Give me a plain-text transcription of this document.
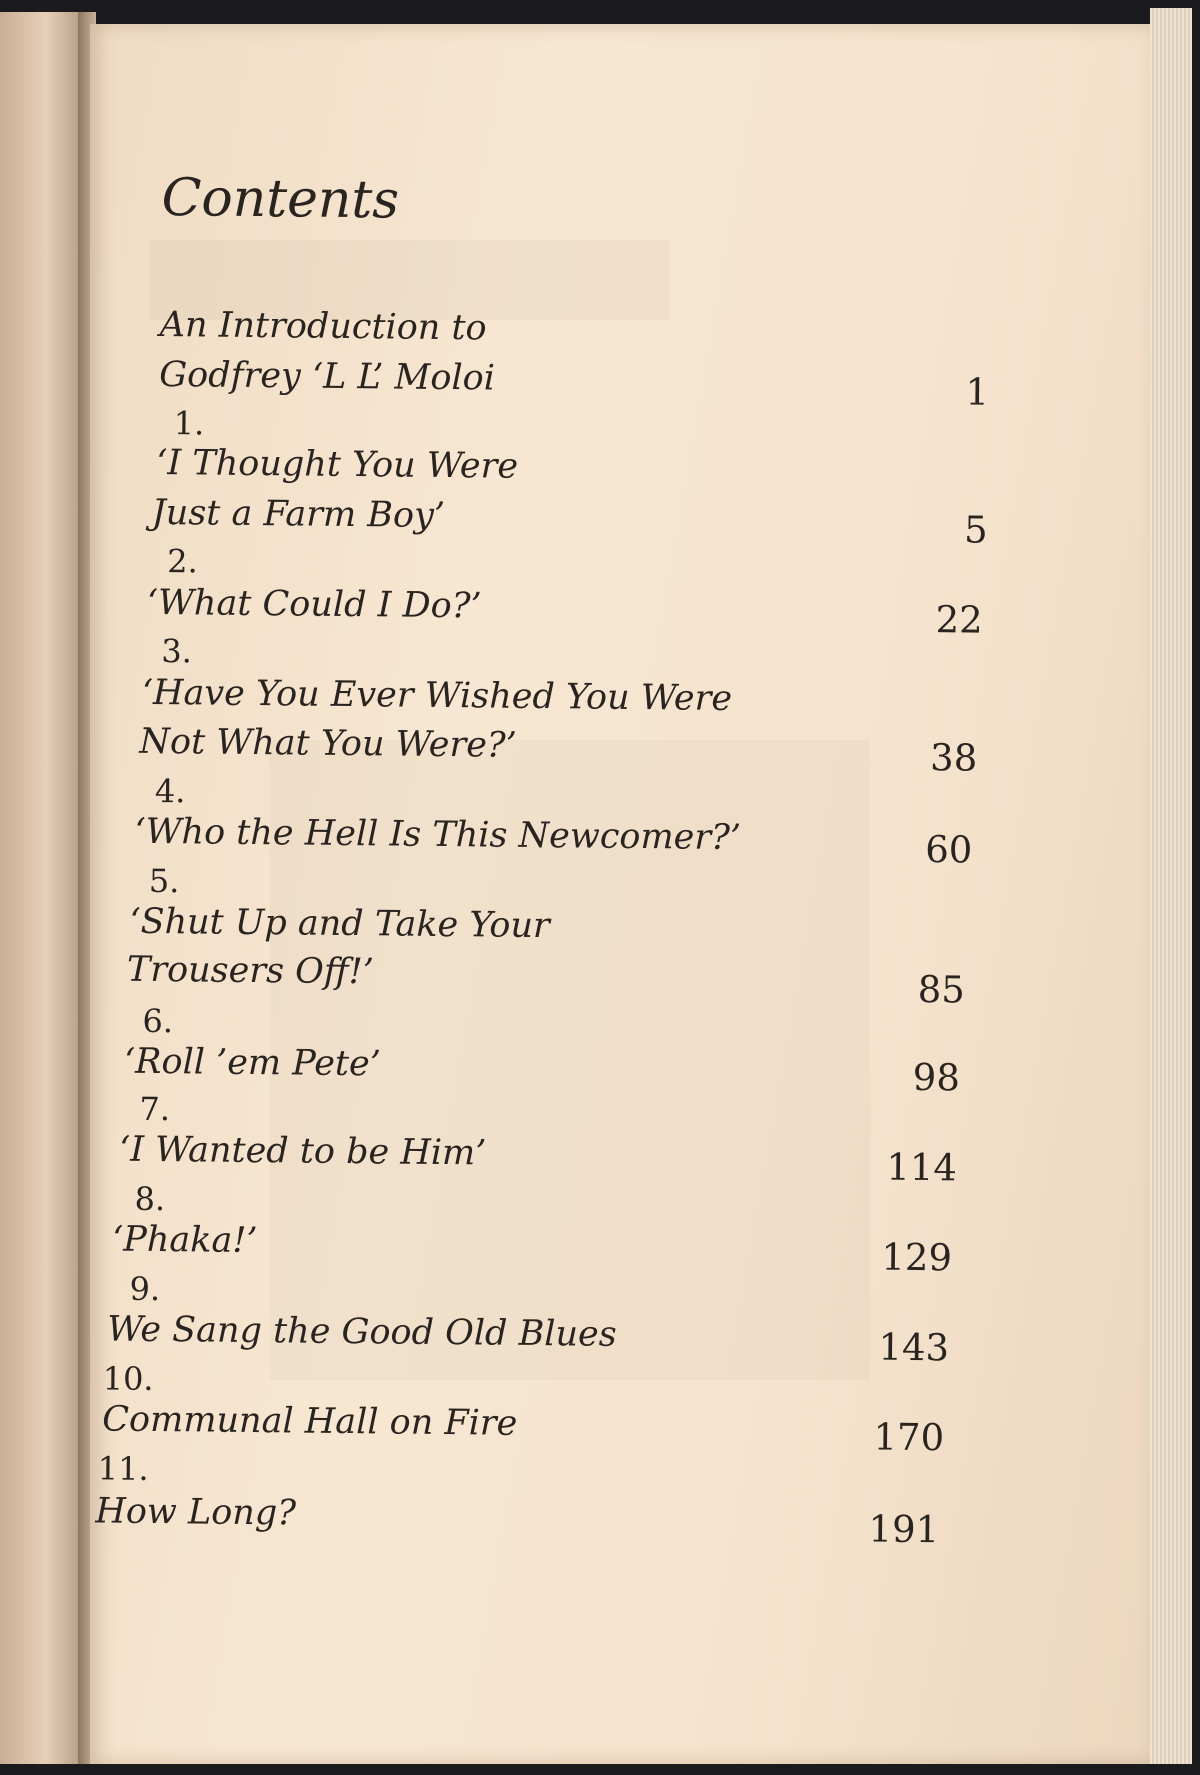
Contents
An Introduction to
Godfrey ‘L L’ Moloi	1
1.
‘I Thought You Were
Just a Farm Boy’	5
2.
‘What Could I Do?’	22
3.
‘Have You Ever Wished You Were
Not What You Were?’	38
4.
‘Who the Hell Is This Newcomer?’	60
5.
‘Shut Up and Take Your
Trousers Off!’	85
6.
‘Roll ’em Pete’	98
7.
‘I Wanted to be Him’	114
8.
‘Phaka!’	129
9.
We Sang the Good Old Blues	143
10.
Communal Hall on Fire	170
11.
How Long?	191
